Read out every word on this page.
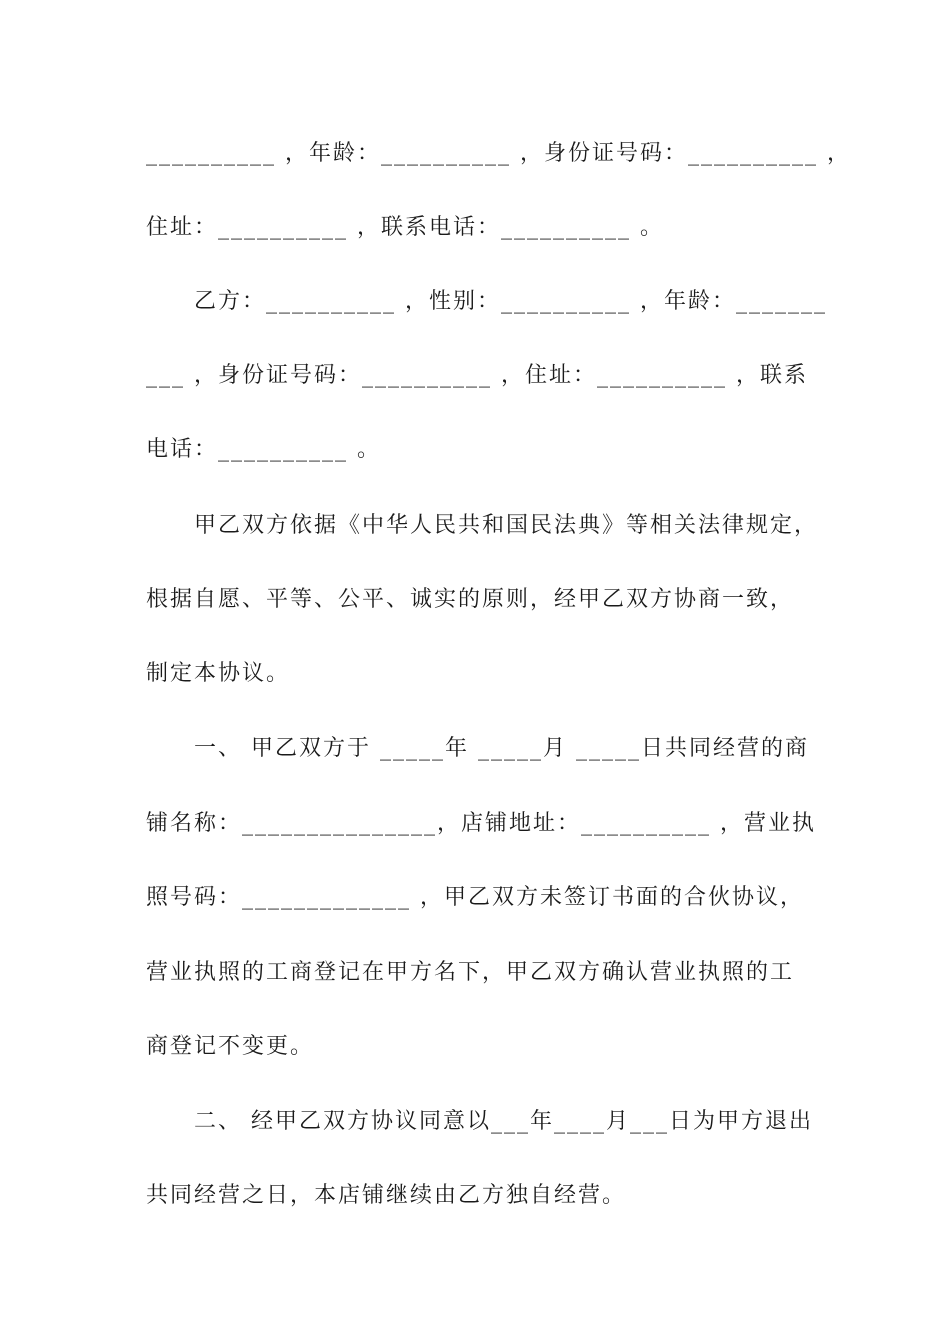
__________ ，年龄：__________ ，身份证号码：__________ ，
住址：__________ ，联系电话：__________ 。
乙方：__________ ，性别：__________ ，年龄：_______
___ ，身份证号码：__________ ，住址：__________ ，联系
电话：__________ 。
甲乙双方依据《中华人民共和国民法典》等相关法律规定，
根据自愿、平等、公平、诚实的原则，经甲乙双方协商一致，
制定本协议。
一、 甲乙双方于 _____年 _____月 _____日共同经营的商
铺名称：_______________，店铺地址：__________ ，营业执
照号码：_____________ ，甲乙双方未签订书面的合伙协议，
营业执照的工商登记在甲方名下，甲乙双方确认营业执照的工
商登记不变更。
二、 经甲乙双方协议同意以___年____月___日为甲方退出
共同经营之日，本店铺继续由乙方独自经营。
